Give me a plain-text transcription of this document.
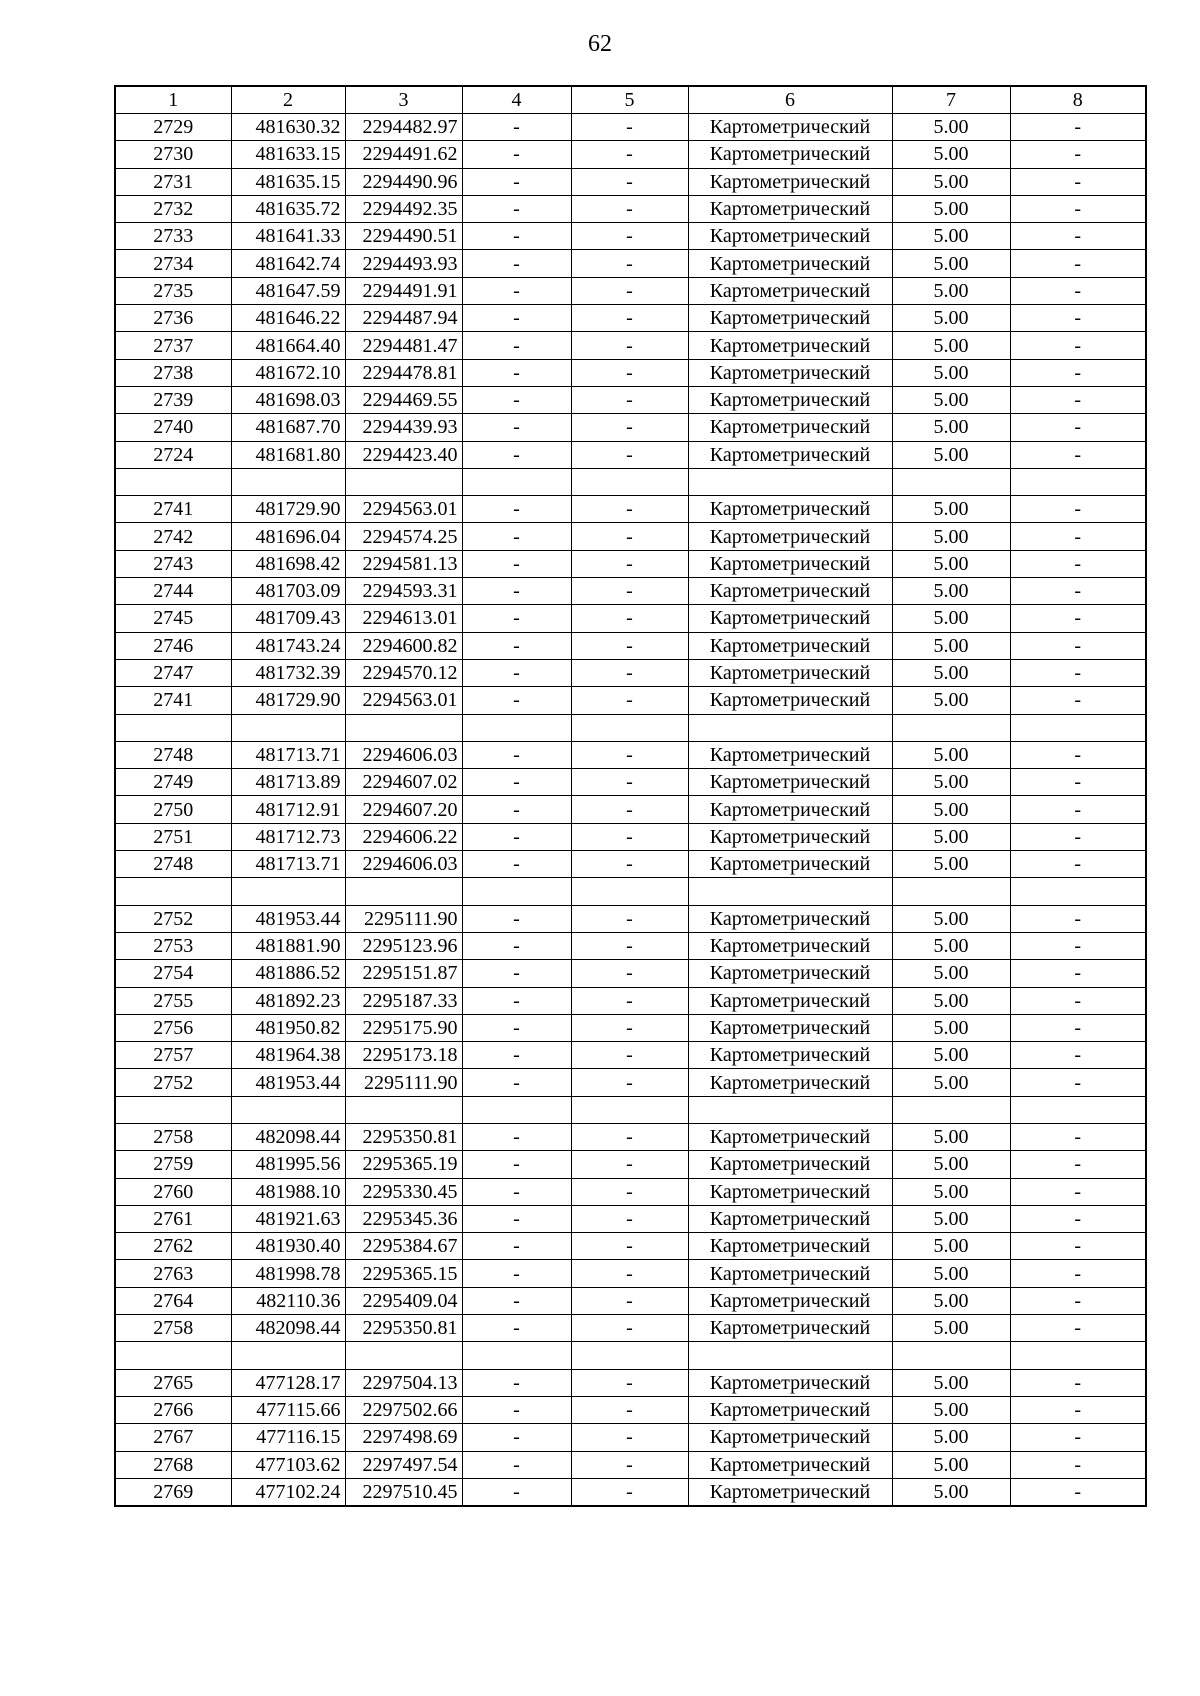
62
1	2	3	4	5	6	7	8
2729	481630.32	2294482.97	-	-	Картометрический	5.00	-
2730	481633.15	2294491.62	-	-	Картометрический	5.00	-
2731	481635.15	2294490.96	-	-	Картометрический	5.00	-
2732	481635.72	2294492.35	-	-	Картометрический	5.00	-
2733	481641.33	2294490.51	-	-	Картометрический	5.00	-
2734	481642.74	2294493.93	-	-	Картометрический	5.00	-
2735	481647.59	2294491.91	-	-	Картометрический	5.00	-
2736	481646.22	2294487.94	-	-	Картометрический	5.00	-
2737	481664.40	2294481.47	-	-	Картометрический	5.00	-
2738	481672.10	2294478.81	-	-	Картометрический	5.00	-
2739	481698.03	2294469.55	-	-	Картометрический	5.00	-
2740	481687.70	2294439.93	-	-	Картометрический	5.00	-
2724	481681.80	2294423.40	-	-	Картометрический	5.00	-

2741	481729.90	2294563.01	-	-	Картометрический	5.00	-
2742	481696.04	2294574.25	-	-	Картометрический	5.00	-
2743	481698.42	2294581.13	-	-	Картометрический	5.00	-
2744	481703.09	2294593.31	-	-	Картометрический	5.00	-
2745	481709.43	2294613.01	-	-	Картометрический	5.00	-
2746	481743.24	2294600.82	-	-	Картометрический	5.00	-
2747	481732.39	2294570.12	-	-	Картометрический	5.00	-
2741	481729.90	2294563.01	-	-	Картометрический	5.00	-

2748	481713.71	2294606.03	-	-	Картометрический	5.00	-
2749	481713.89	2294607.02	-	-	Картометрический	5.00	-
2750	481712.91	2294607.20	-	-	Картометрический	5.00	-
2751	481712.73	2294606.22	-	-	Картометрический	5.00	-
2748	481713.71	2294606.03	-	-	Картометрический	5.00	-

2752	481953.44	2295111.90	-	-	Картометрический	5.00	-
2753	481881.90	2295123.96	-	-	Картометрический	5.00	-
2754	481886.52	2295151.87	-	-	Картометрический	5.00	-
2755	481892.23	2295187.33	-	-	Картометрический	5.00	-
2756	481950.82	2295175.90	-	-	Картометрический	5.00	-
2757	481964.38	2295173.18	-	-	Картометрический	5.00	-
2752	481953.44	2295111.90	-	-	Картометрический	5.00	-

2758	482098.44	2295350.81	-	-	Картометрический	5.00	-
2759	481995.56	2295365.19	-	-	Картометрический	5.00	-
2760	481988.10	2295330.45	-	-	Картометрический	5.00	-
2761	481921.63	2295345.36	-	-	Картометрический	5.00	-
2762	481930.40	2295384.67	-	-	Картометрический	5.00	-
2763	481998.78	2295365.15	-	-	Картометрический	5.00	-
2764	482110.36	2295409.04	-	-	Картометрический	5.00	-
2758	482098.44	2295350.81	-	-	Картометрический	5.00	-

2765	477128.17	2297504.13	-	-	Картометрический	5.00	-
2766	477115.66	2297502.66	-	-	Картометрический	5.00	-
2767	477116.15	2297498.69	-	-	Картометрический	5.00	-
2768	477103.62	2297497.54	-	-	Картометрический	5.00	-
2769	477102.24	2297510.45	-	-	Картометрический	5.00	-
